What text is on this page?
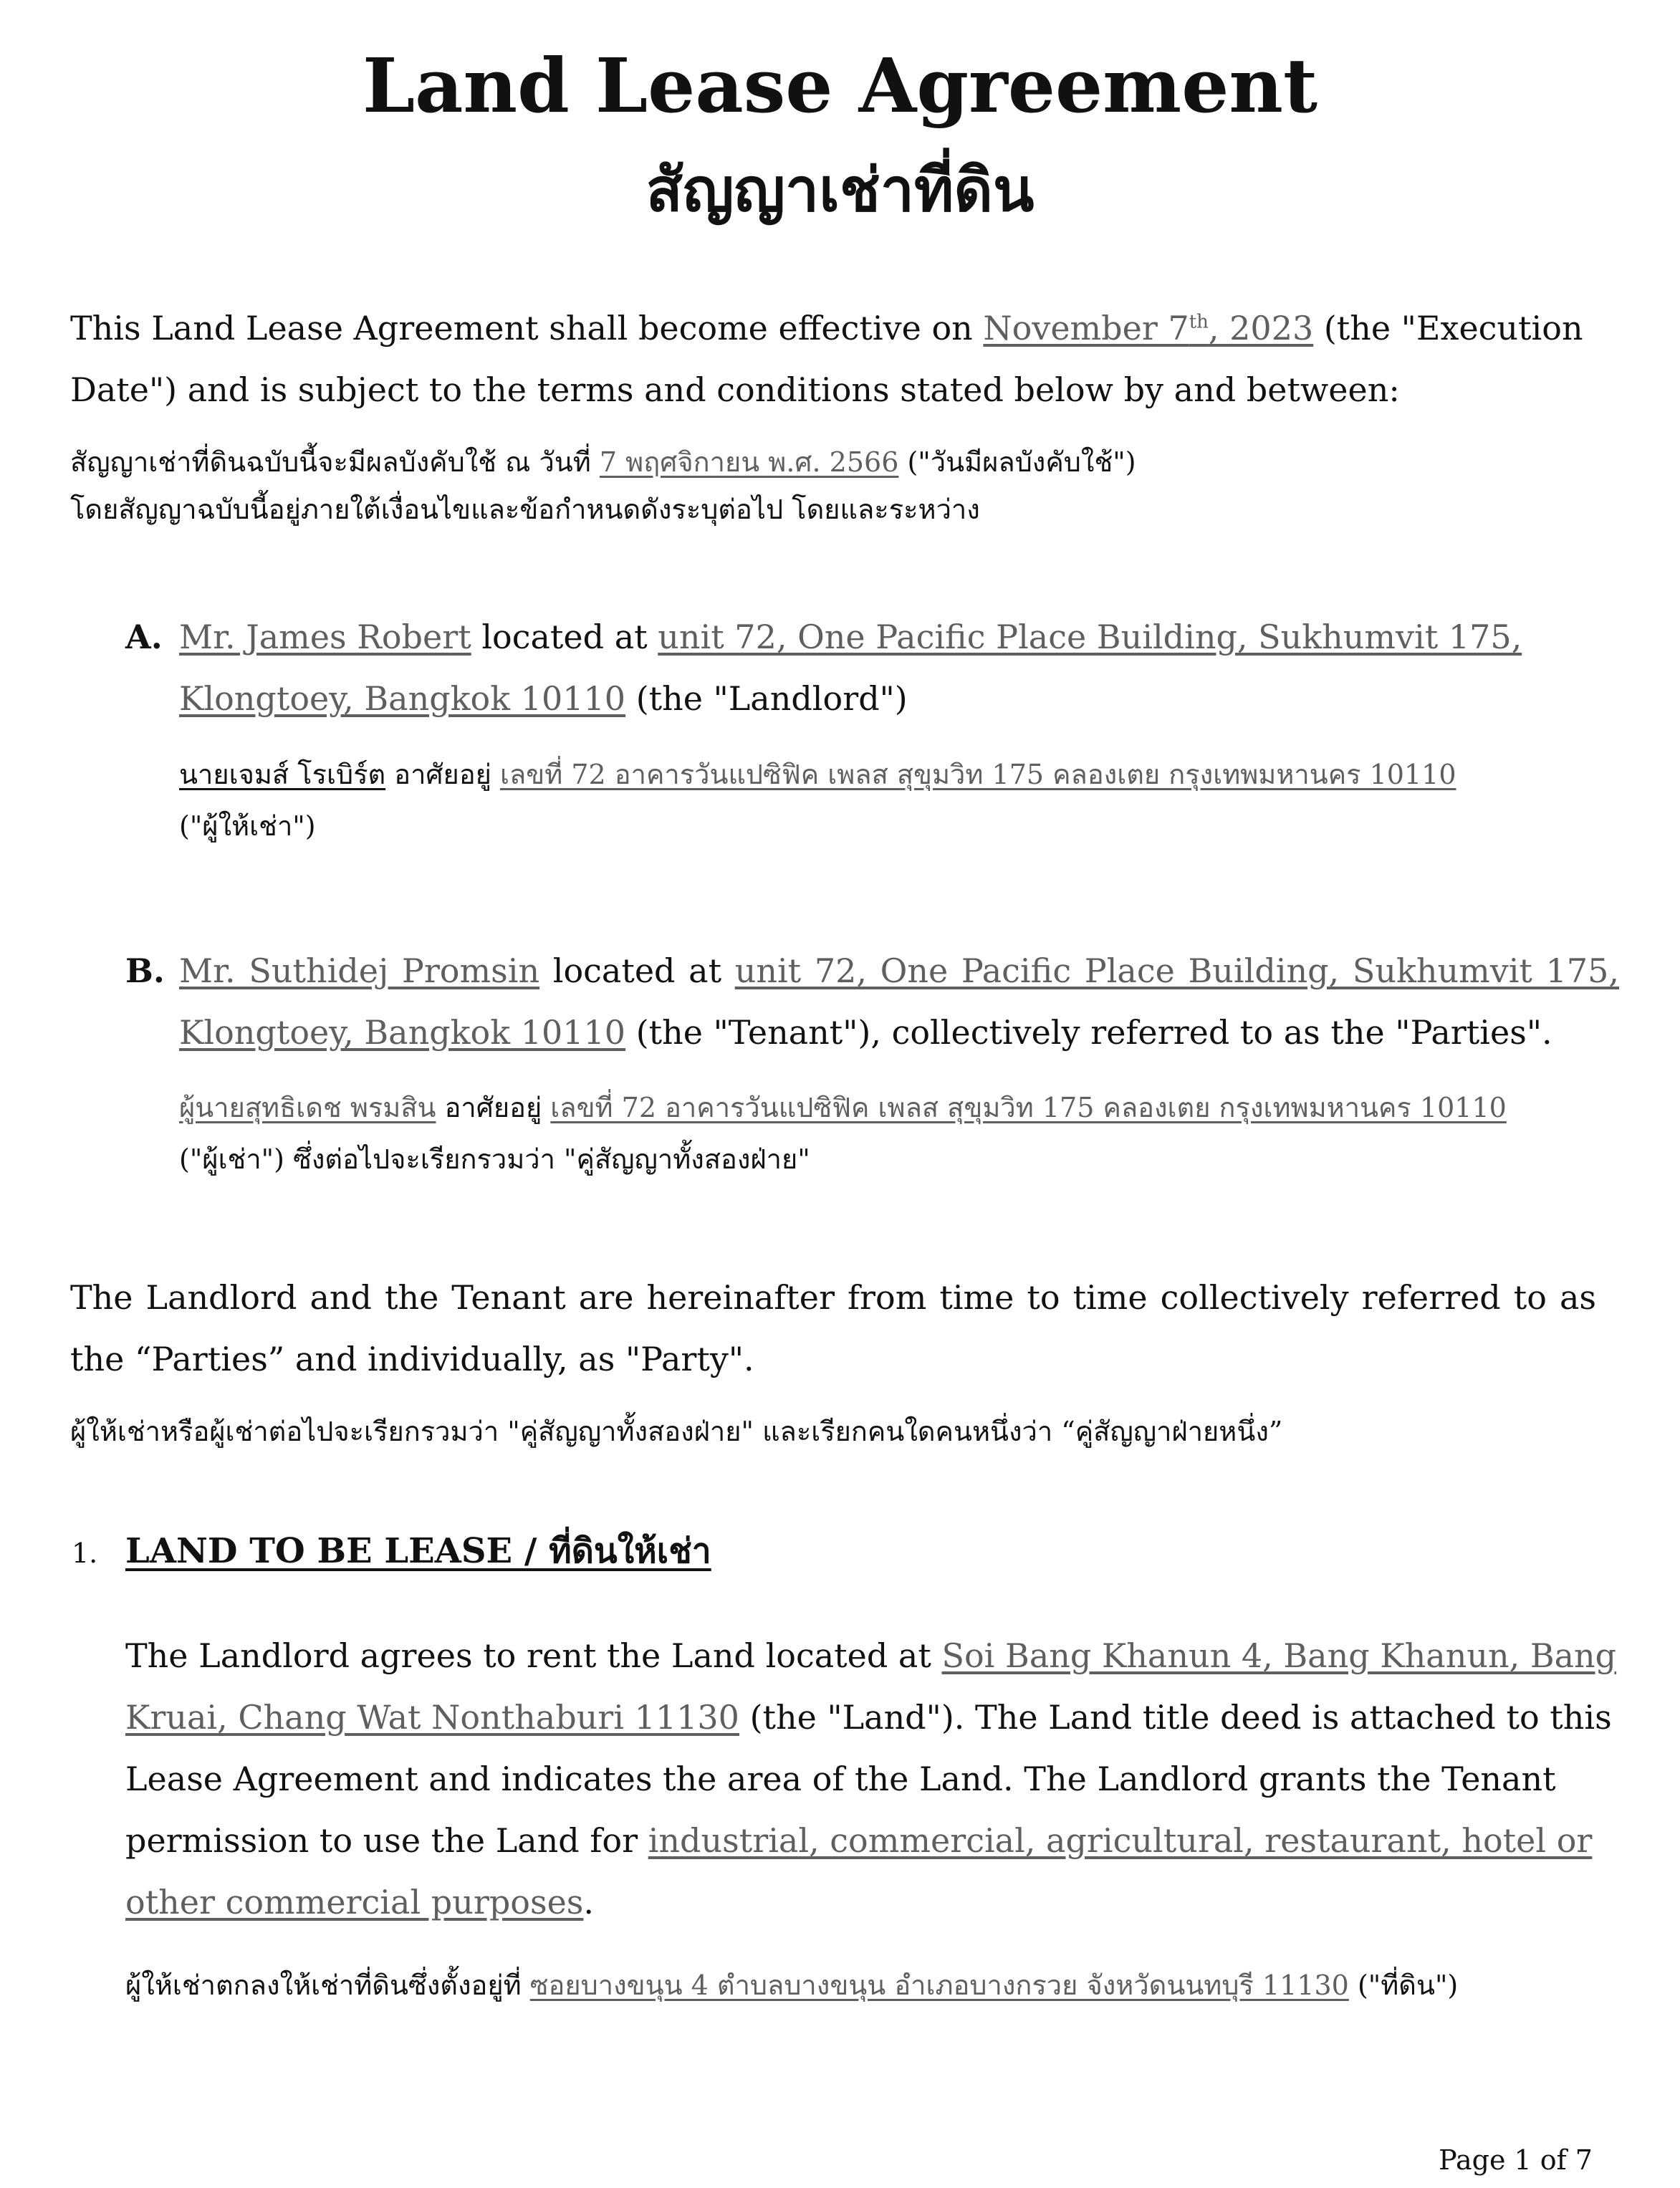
Land Lease Agreement
สัญญาเช่าที่ดิน
This Land Lease Agreement shall become effective on November 7th, 2023 (the "Execution Date") and is subject to the terms and conditions stated below by and between:
สัญญาเช่าที่ดินฉบับนี้จะมีผลบังคับใช้ ณ วันที่ 7 พฤศจิกายน พ.ศ. 2566 ("วันมีผลบังคับใช้")
โดยสัญญาฉบับนี้อยู่ภายใต้เงื่อนไขและข้อกำหนดดังระบุต่อไป โดยและระหว่าง
A. Mr. James Robert located at unit 72, One Pacific Place Building, Sukhumvit 175, Klongtoey, Bangkok 10110 (the "Landlord")
นายเจมส์ โรเบิร์ต อาศัยอยู่ เลขที่ 72 อาคารวันแปซิฟิค เพลส สุขุมวิท 175 คลองเตย กรุงเทพมหานคร 10110
("ผู้ให้เช่า")
B. Mr. Suthidej Promsin located at unit 72, One Pacific Place Building, Sukhumvit 175, Klongtoey, Bangkok 10110 (the "Tenant"), collectively referred to as the "Parties".
ผู้นายสุทธิเดช พรมสิน อาศัยอยู่ เลขที่ 72 อาคารวันแปซิฟิค เพลส สุขุมวิท 175 คลองเตย กรุงเทพมหานคร 10110
("ผู้เช่า") ซึ่งต่อไปจะเรียกรวมว่า "คู่สัญญาทั้งสองฝ่าย"
The Landlord and the Tenant are hereinafter from time to time collectively referred to as the “Parties” and individually, as "Party".
ผู้ให้เช่าหรือผู้เช่าต่อไปจะเรียกรวมว่า "คู่สัญญาทั้งสองฝ่าย" และเรียกคนใดคนหนึ่งว่า “คู่สัญญาฝ่ายหนึ่ง”
1. LAND TO BE LEASE / ที่ดินให้เช่า
The Landlord agrees to rent the Land located at Soi Bang Khanun 4, Bang Khanun, Bang Kruai, Chang Wat Nonthaburi 11130 (the "Land"). The Land title deed is attached to this Lease Agreement and indicates the area of the Land. The Landlord grants the Tenant permission to use the Land for industrial, commercial, agricultural, restaurant, hotel or other commercial purposes.
ผู้ให้เช่าตกลงให้เช่าที่ดินซึ่งตั้งอยู่ที่ ซอยบางขนุน 4 ตำบลบางขนุน อำเภอบางกรวย จังหวัดนนทบุรี 11130 ("ที่ดิน")
Page 1 of 7
